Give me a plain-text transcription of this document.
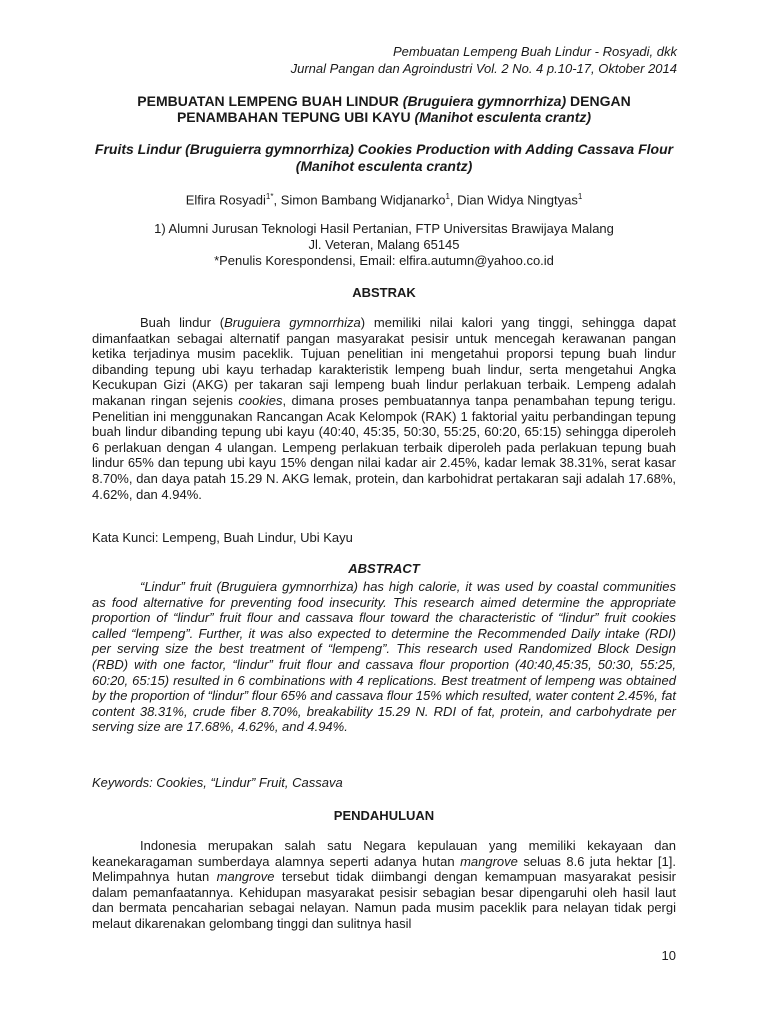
Pembuatan Lempeng Buah Lindur - Rosyadi, dkk
Jurnal Pangan dan Agroindustri Vol. 2 No. 4 p.10-17, Oktober 2014
PEMBUATAN LEMPENG BUAH LINDUR (Bruguiera gymnorrhiza) DENGAN PENAMBAHAN TEPUNG UBI KAYU (Manihot esculenta crantz)
Fruits Lindur (Bruguierra gymnorrhiza) Cookies Production with Adding Cassava Flour (Manihot esculenta crantz)
Elfira Rosyadi$^{1*}$, Simon Bambang Widjanarko$^1$, Dian Widya Ningtyas$^1$
1) Alumni Jurusan Teknologi Hasil Pertanian, FTP Universitas Brawijaya Malang
Jl. Veteran, Malang 65145
*Penulis Korespondensi, Email: elfira.autumn@yahoo.co.id
ABSTRAK

Buah lindur (Bruguiera gymnorrhiza) memiliki nilai kalori yang tinggi, sehingga dapat dimanfaatkan sebagai alternatif pangan masyarakat pesisir untuk mencegah kerawanan pangan ketika terjadinya musim paceklik. Tujuan penelitian ini mengetahui proporsi tepung buah lindur dibanding tepung ubi kayu terhadap karakteristik lempeng buah lindur, serta mengetahui Angka Kecukupan Gizi (AKG) per takaran saji lempeng buah lindur perlakuan terbaik. Lempeng adalah makanan ringan sejenis cookies, dimana proses pembuatannya tanpa penambahan tepung terigu. Penelitian ini menggunakan Rancangan Acak Kelompok (RAK) 1 faktorial yaitu perbandingan tepung buah lindur dibanding tepung ubi kayu (40:40, 45:35, 50:30, 55:25, 60:20, 65:15) sehingga diperoleh 6 perlakuan dengan 4 ulangan. Lempeng perlakuan terbaik diperoleh pada perlakuan tepung buah lindur 65% dan tepung ubi kayu 15% dengan nilai kadar air 2.45%, kadar lemak 38.31%, serat kasar 8.70%, dan daya patah 15.29 N. AKG lemak, protein, dan karbohidrat pertakaran saji adalah 17.68%, 4.62%, dan 4.94%.

Kata Kunci: Lempeng, Buah Lindur, Ubi Kayu
ABSTRACT

“Lindur” fruit (Bruguiera gymnorrhiza) has high calorie, it was used by coastal communities as food alternative for preventing food insecurity. This research aimed determine the appropriate proportion of “lindur” fruit flour and cassava flour toward the characteristic of “lindur” fruit cookies called “lempeng”. Further, it was also expected to determine the Recommended Daily intake (RDI) per serving size the best treatment of “lempeng”. This research used Randomized Block Design (RBD) with one factor, “lindur” fruit flour and cassava flour proportion (40:40,45:35, 50:30, 55:25, 60:20, 65:15) resulted in 6 combinations with 4 replications. Best treatment of lempeng was obtained by the proportion of “lindur” flour 65% and cassava flour 15% which resulted, water content 2.45%, fat content 38.31%, crude fiber 8.70%, breakability 15.29 N. RDI of fat, protein, and carbohydrate per serving size are 17.68%, 4.62%, and 4.94%.

Keywords: Cookies, “Lindur” Fruit, Cassava
PENDAHULUAN

Indonesia merupakan salah satu Negara kepulauan yang memiliki kekayaan dan keanekaragaman sumberdaya alamnya seperti adanya hutan mangrove seluas 8.6 juta hektar [1]. Melimpahnya hutan mangrove tersebut tidak diimbangi dengan kemampuan masyarakat pesisir dalam pemanfaatannya. Kehidupan masyarakat pesisir sebagian besar dipengaruhi oleh hasil laut dan bermata pencaharian sebagai nelayan. Namun pada musim paceklik para nelayan tidak pergi melaut dikarenakan gelombang tinggi dan sulitnya hasil

10
